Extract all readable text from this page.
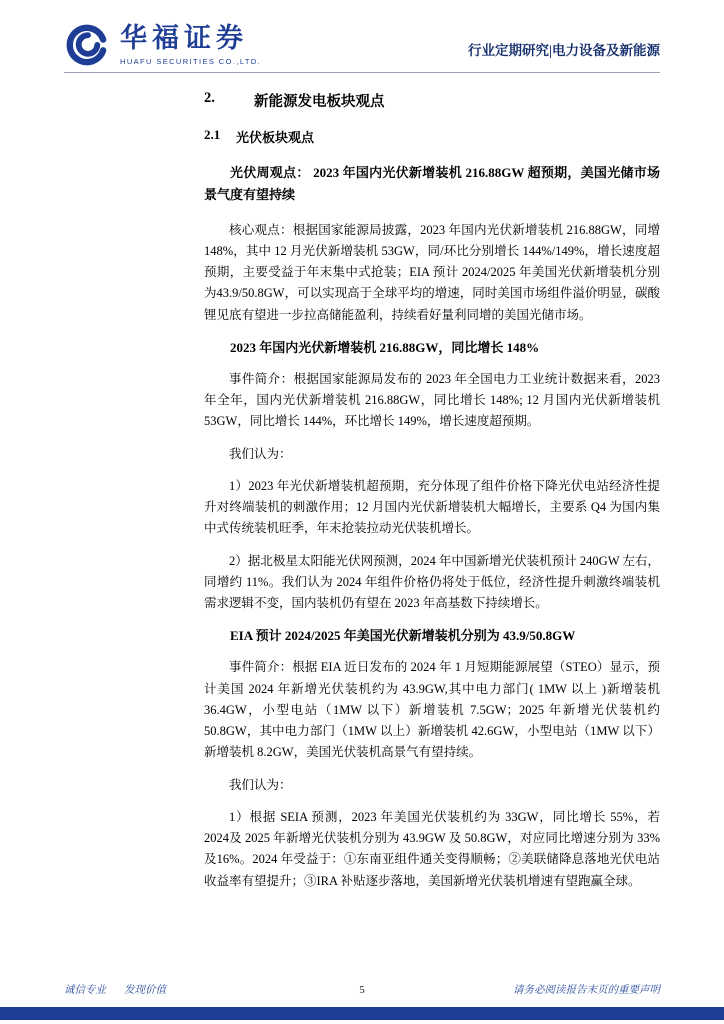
华福证券
HUAFU SECURITIES CO.,LTD.
行业定期研究|电力设备及新能源
2.	新能源发电板块观点
2.1	光伏板块观点

光伏周观点： 2023 年国内光伏新增装机 216.88GW 超预期，美国光储市场景气度有望持续

核心观点：根据国家能源局披露，2023 年国内光伏新增装机 216.88GW，同增148%，其中 12 月光伏新增装机 53GW，同/环比分别增长 144%/149%，增长速度超预期，主要受益于年末集中式抢装；EIA 预计 2024/2025 年美国光伏新增装机分别为43.9/50.8GW，可以实现高于全球平均的增速，同时美国市场组件溢价明显，碳酸锂见底有望进一步拉高储能盈利，持续看好量利同增的美国光储市场。

2023 年国内光伏新增装机 216.88GW，同比增长 148%

事件简介：根据国家能源局发布的 2023 年全国电力工业统计数据来看，2023 年全年，国内光伏新增装机 216.88GW，同比增长 148%; 12 月国内光伏新增装机 53GW，同比增长 144%，环比增长 149%，增长速度超预期。

我们认为：

1）2023 年光伏新增装机超预期，充分体现了组件价格下降光伏电站经济性提升对终端装机的刺激作用；12 月国内光伏新增装机大幅增长，主要系 Q4 为国内集中式传统装机旺季，年末抢装拉动光伏装机增长。

2）据北极星太阳能光伏网预测，2024 年中国新增光伏装机预计 240GW 左右，同增约 11%。我们认为 2024 年组件价格仍将处于低位，经济性提升刺激终端装机需求逻辑不变，国内装机仍有望在 2023 年高基数下持续增长。

EIA 预计 2024/2025 年美国光伏新增装机分别为 43.9/50.8GW

事件简介：根据 EIA 近日发布的 2024 年 1 月短期能源展望（STEO）显示，预计美国 2024 年新增光伏装机约为 43.9GW,其中电力部门( 1MW 以上 )新增装机 36.4GW，小型电站（1MW 以下）新增装机 7.5GW；2025 年新增光伏装机约 50.8GW，其中电力部门（1MW 以上）新增装机 42.6GW，小型电站（1MW 以下）新增装机 8.2GW，美国光伏装机高景气有望持续。

我们认为：

1）根据 SEIA 预测，2023 年美国光伏装机约为 33GW，同比增长 55%，若 2024及 2025 年新增光伏装机分别为 43.9GW 及 50.8GW，对应同比增速分别为 33%及16%。2024 年受益于：①东南亚组件通关变得顺畅；②美联储降息落地光伏电站收益率有望提升；③IRA 补贴逐步落地，美国新增光伏装机增速有望跑赢全球。

诚信专业 发现价值	5	请务必阅读报告末页的重要声明
